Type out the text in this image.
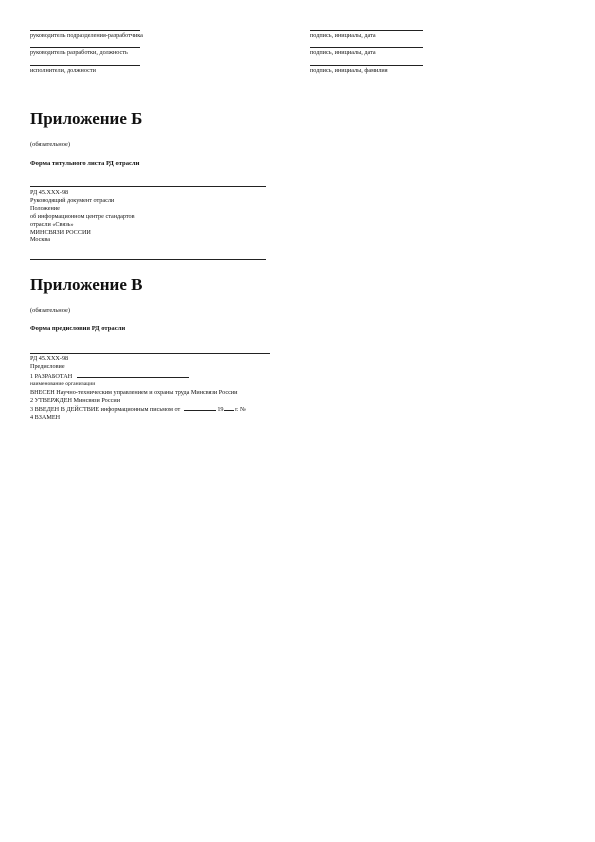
руководитель подразделения-разработчика	подпись, инициалы, дата
руководитель разработки, должность	подпись, инициалы, дата
исполнители, должности	подпись, инициалы, фамилия
Приложение Б
(обязательное)
Форма титульного листа РД отрасли
РД 45.XXX-98
Руководящий документ отрасли
Положение
об информационном центре стандартов
отрасли «Связь»
МИНСВЯЗИ РОССИИ
Москва
Приложение В
(обязательное)
Форма предисловия РД отрасли
РД 45.XXX-98
Предисловие
1 РАЗРАБОТАН
наименование организации
ВНЕСЕН Научно-техническим управлением и охраны труда Минсвязи России
2 УТВЕРЖДЕН Минсвязи России
3 ВВЕДЕН В ДЕЙСТВИЕ информационным письмом от	19 г. №
4 ВЗАМЕН
